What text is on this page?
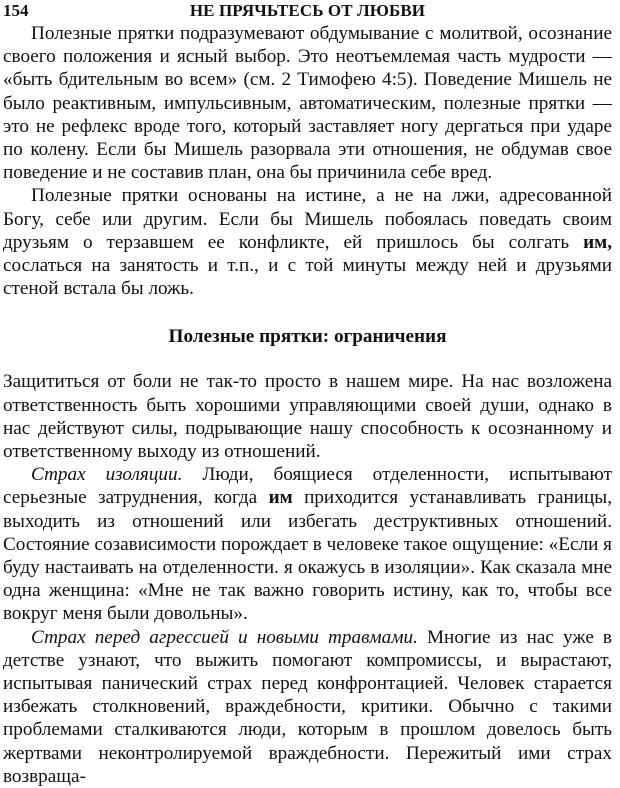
154	НЕ ПРЯЧЬТЕСЬ ОТ ЛЮБВИ

Полезные прятки подразумевают обдумывание с молитвой, осознание своего положения и ясный выбор. Это неотъемлемая часть мудрости — «быть бдительным во всем» (см. 2 Тимофею 4:5). Поведение Мишель не было реактивным, импульсивным, автоматическим, полезные прятки — это не рефлекс вроде того, который заставляет ногу дергаться при ударе по колену. Если бы Мишель разорвала эти отношения, не обдумав свое поведение и не составив план, она бы причинила себе вред.

Полезные прятки основаны на истине, а не на лжи, адресованной Богу, себе или другим. Если бы Мишель побоялась поведать своим друзьям о терзавшем ее конфликте, ей пришлось бы солгать им, сослаться на занятость и т.п., и с той минуты между ней и друзьями стеной встала бы ложь.

Полезные прятки: ограничения

Защититься от боли не так-то просто в нашем мире. На нас возложена ответственность быть хорошими управляющими своей души, однако в нас действуют силы, подрывающие нашу способность к осознанному и ответственному выходу из отношений.

Страх изоляции. Люди, боящиеся отделенности, испытывают серьезные затруднения, когда им приходится устанавливать границы, выходить из отношений или избегать деструктивных отношений. Состояние созависимости порождает в человеке такое ощущение: «Если я буду настаивать на отделенности. я окажусь в изоляции». Как сказала мне одна женщина: «Мне не так важно говорить истину, как то, чтобы все вокруг меня были довольны».

Страх перед агрессией и новыми травмами. Многие из нас уже в детстве узнают, что выжить помогают компромиссы, и вырастают, испытывая панический страх перед конфронтацией. Человек старается избежать столкновений, враждебности, критики. Обычно с такими проблемами сталкиваются люди, которым в прошлом довелось быть жертвами неконтролируемой враждебности. Пережитый ими страх возвраща-
